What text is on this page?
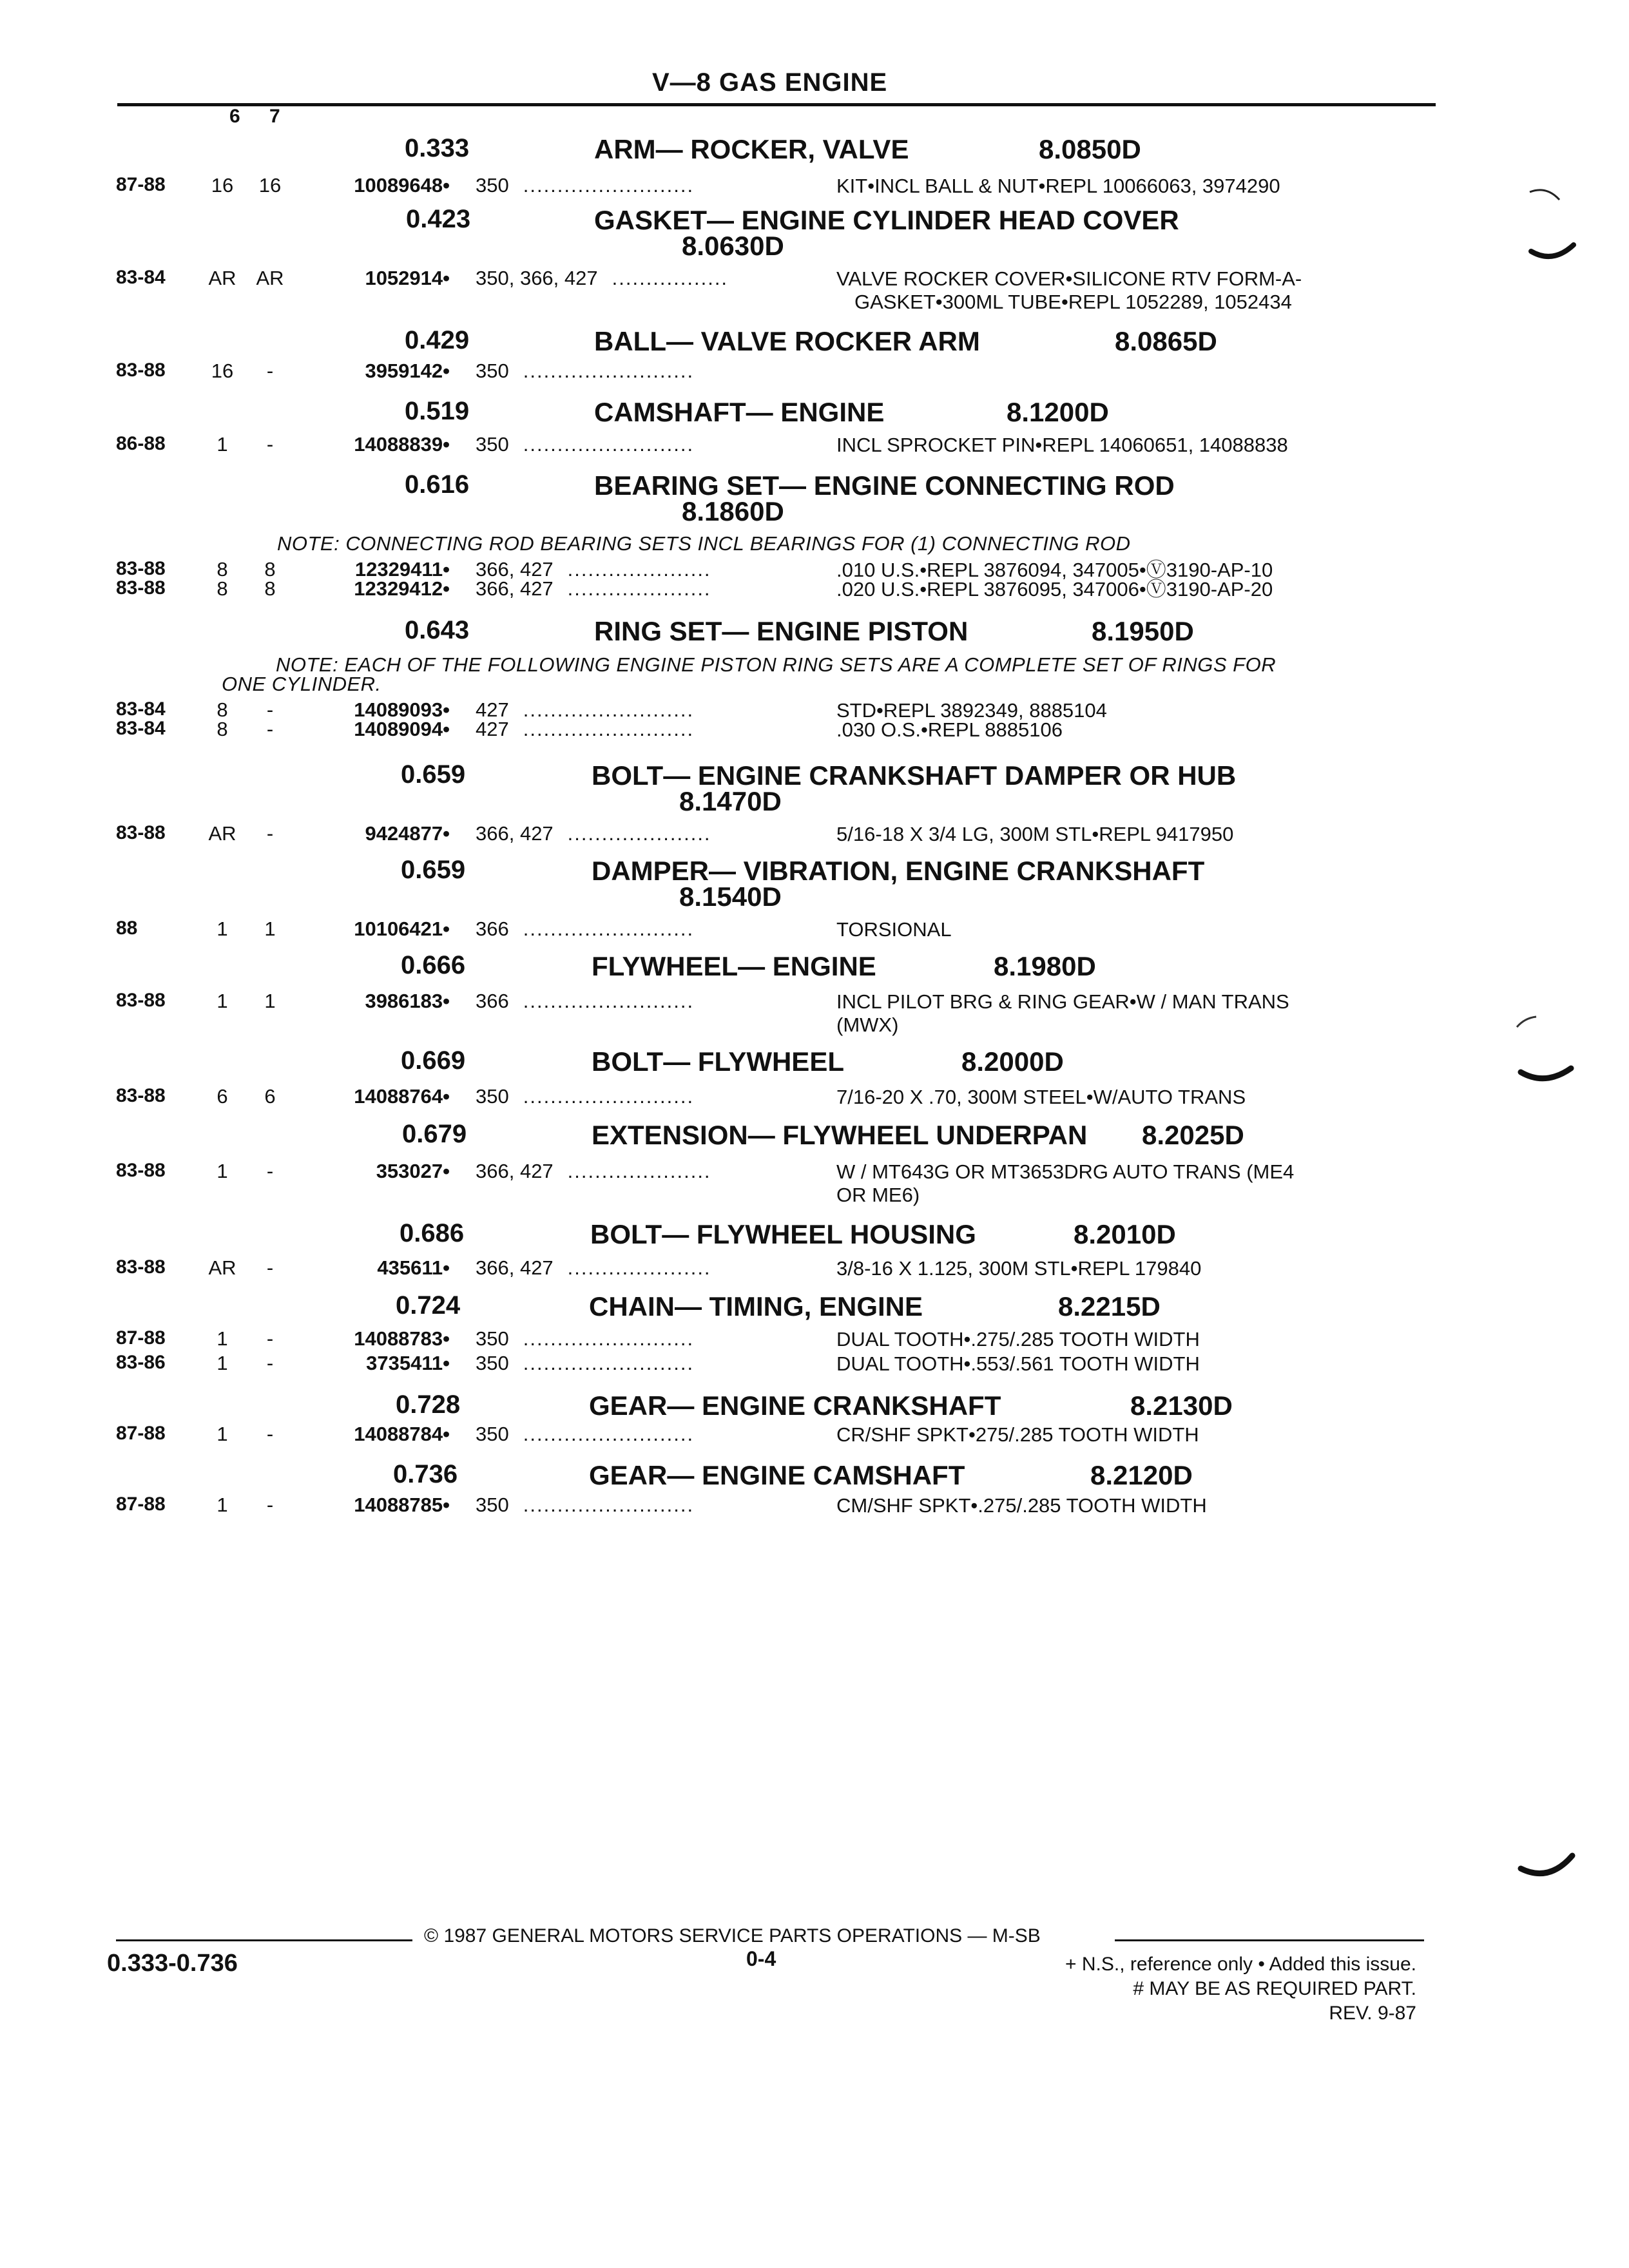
V—8 GAS ENGINE
6 7
0.333	ARM— ROCKER, VALVE	8.0850D
87-88 16 16	10089648• 350 .........................	KIT•INCL BALL & NUT•REPL 10066063, 3974290
0.423	GASKET— ENGINE CYLINDER HEAD COVER
8.0630D
83-84 AR AR	1052914• 350, 366, 427 .................	VALVE ROCKER COVER•SILICONE RTV FORM-A-
GASKET•300ML TUBE•REPL 1052289, 1052434
0.429	BALL— VALVE ROCKER ARM	8.0865D
83-88 16	-	3959142• 350 .........................
0.519	CAMSHAFT— ENGINE	8.1200D
86-88	1	-	14088839• 350 .........................	INCL SPROCKET PIN•REPL 14060651, 14088838
0.616	BEARING SET— ENGINE CONNECTING ROD
8.1860D
NOTE: CONNECTING ROD BEARING SETS INCL BEARINGS FOR (1) CONNECTING ROD
83-88	8	8	12329411• 366, 427 .....................	.010 U.S.•REPL 3876094, 347005•Ⓥ3190-AP-10
83-88	8	8	12329412• 366, 427 .....................	.020 U.S.•REPL 3876095, 347006•Ⓥ3190-AP-20
0.643	RING SET— ENGINE PISTON	8.1950D
NOTE: EACH OF THE FOLLOWING ENGINE PISTON RING SETS ARE A COMPLETE SET OF RINGS FOR
ONE CYLINDER.
83-84	8	-	14089093• 427 .........................	STD•REPL 3892349, 8885104
83-84	8	-	14089094• 427 .........................	.030 O.S.•REPL 8885106
0.659	BOLT— ENGINE CRANKSHAFT DAMPER OR HUB
8.1470D
83-88 AR	-	9424877• 366, 427 .....................	5/16-18 X 3/4 LG, 300M STL•REPL 9417950
0.659	DAMPER— VIBRATION, ENGINE CRANKSHAFT
8.1540D
88	1	1	10106421• 366 .........................	TORSIONAL
0.666	FLYWHEEL— ENGINE	8.1980D
83-88	1	1	3986183• 366 .........................	INCL PILOT BRG & RING GEAR•W / MAN TRANS
(MWX)
0.669	BOLT— FLYWHEEL	8.2000D
83-88	6	6	14088764• 350 .........................	7/16-20 X .70, 300M STEEL•W/AUTO TRANS
0.679	EXTENSION— FLYWHEEL UNDERPAN 8.2025D
83-88	1	-	353027• 366, 427 .....................	W / MT643G OR MT3653DRG AUTO TRANS (ME4
OR ME6)
0.686	BOLT— FLYWHEEL HOUSING	8.2010D
83-88 AR	-	435611• 366, 427 .....................	3/8-16 X 1.125, 300M STL•REPL 179840
0.724	CHAIN— TIMING, ENGINE	8.2215D
87-88	1	-	14088783• 350 .........................	DUAL TOOTH•.275/.285 TOOTH WIDTH
83-86	1	-	3735411• 350 .........................	DUAL TOOTH•.553/.561 TOOTH WIDTH
0.728	GEAR— ENGINE CRANKSHAFT	8.2130D
87-88	1	-	14088784• 350 .........................	CR/SHF SPKT•275/.285 TOOTH WIDTH
0.736	GEAR— ENGINE CAMSHAFT	8.2120D
87-88	1	-	14088785• 350 .........................	CM/SHF SPKT•.275/.285 TOOTH WIDTH
© 1987 GENERAL MOTORS SERVICE PARTS OPERATIONS — M-SB
0.333-0.736	0-4	+ N.S., reference only • Added this issue.
# MAY BE AS REQUIRED PART.
REV. 9-87
